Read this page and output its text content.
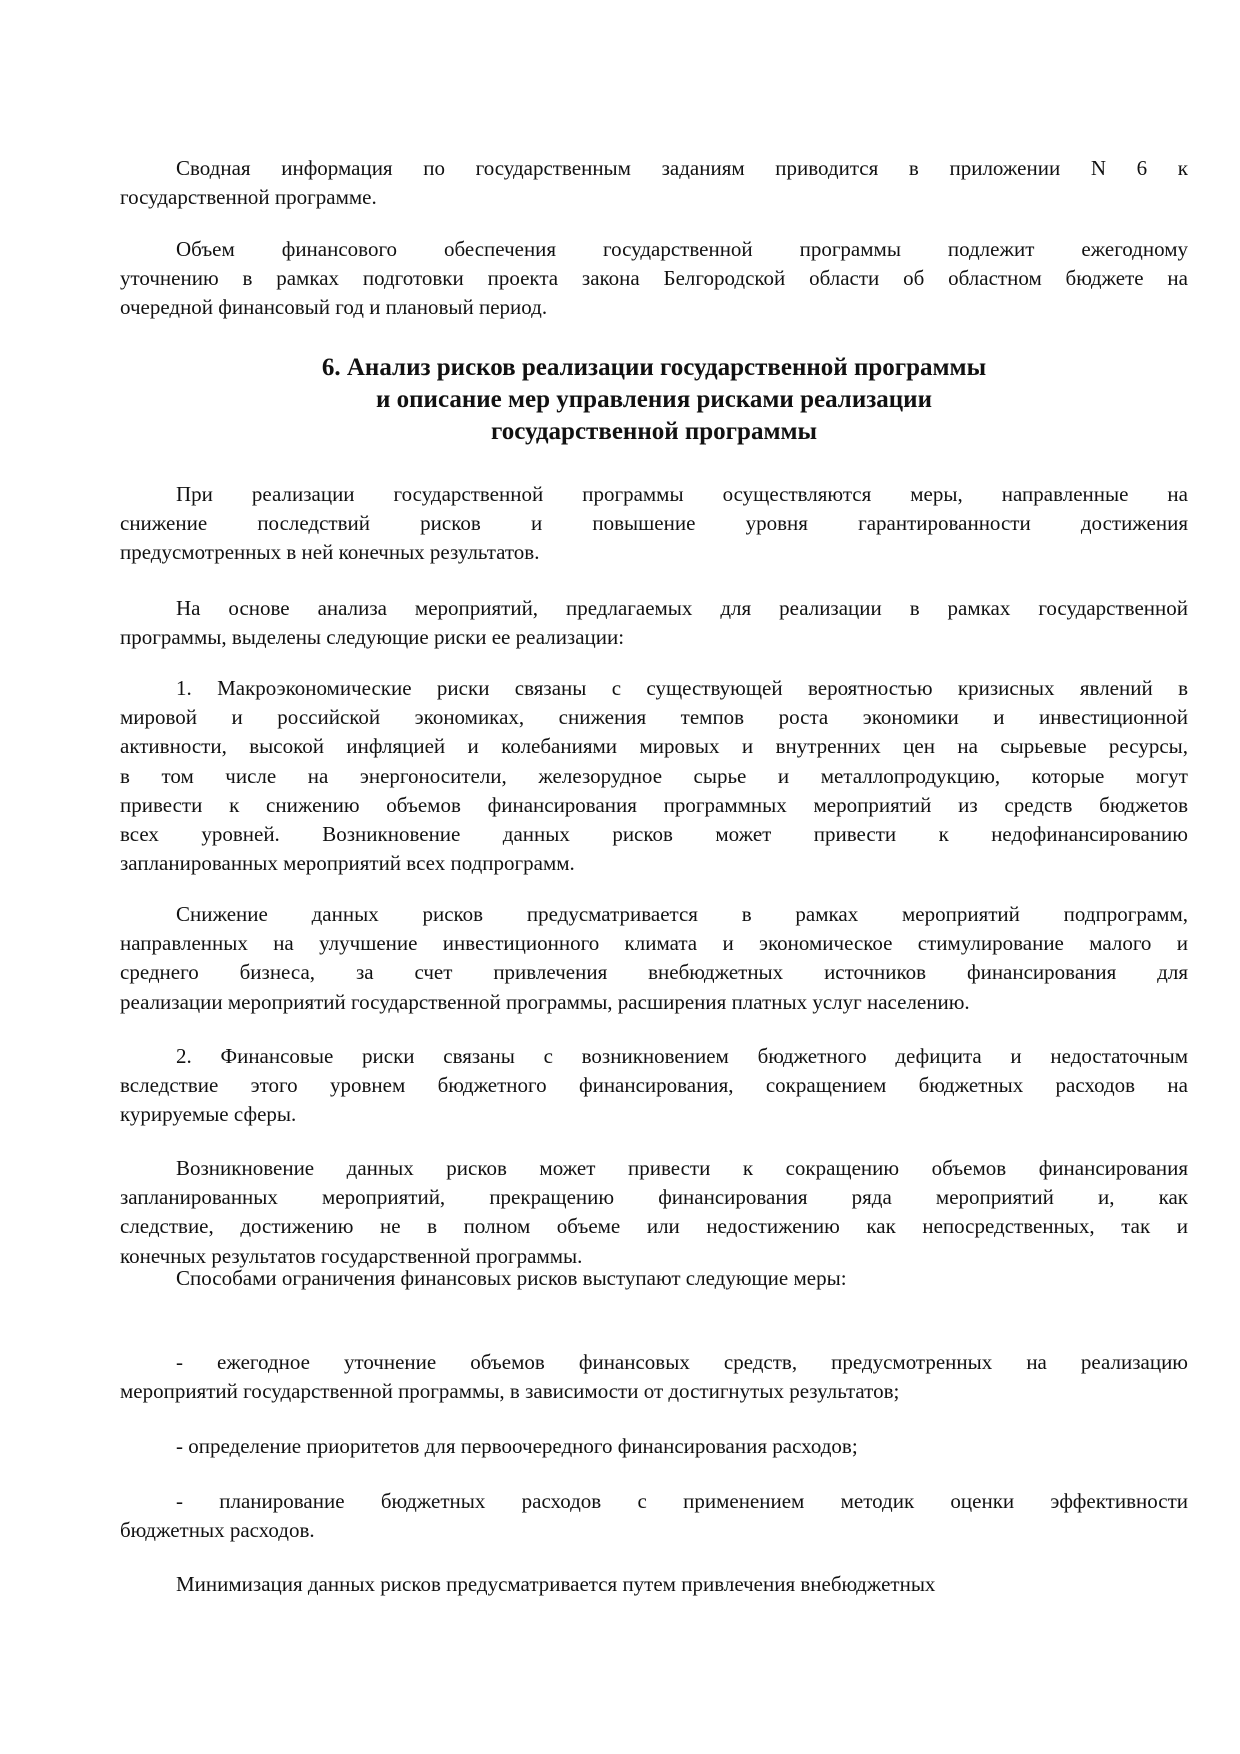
6. Анализ рисков реализации государственной программы
и описание мер управления рисками реализации
государственной программы
Сводная информация по государственным заданиям приводится в приложении N 6 к
государственной программе.
Объем финансового обеспечения государственной программы подлежит ежегодному
уточнению в рамках подготовки проекта закона Белгородской области об областном бюджете на
очередной финансовый год и плановый период.
При реализации государственной программы осуществляются меры, направленные на
снижение последствий рисков и повышение уровня гарантированности достижения
предусмотренных в ней конечных результатов.
На основе анализа мероприятий, предлагаемых для реализации в рамках государственной
программы, выделены следующие риски ее реализации:
1. Макроэкономические риски связаны с существующей вероятностью кризисных явлений в
мировой и российской экономиках, снижения темпов роста экономики и инвестиционной
активности, высокой инфляцией и колебаниями мировых и внутренних цен на сырьевые ресурсы,
в том числе на энергоносители, железорудное сырье и металлопродукцию, которые могут
привести к снижению объемов финансирования программных мероприятий из средств бюджетов
всех уровней. Возникновение данных рисков может привести к недофинансированию
запланированных мероприятий всех подпрограмм.
Снижение данных рисков предусматривается в рамках мероприятий подпрограмм,
направленных на улучшение инвестиционного климата и экономическое стимулирование малого и
среднего бизнеса, за счет привлечения внебюджетных источников финансирования для
реализации мероприятий государственной программы, расширения платных услуг населению.
2. Финансовые риски связаны с возникновением бюджетного дефицита и недостаточным
вследствие этого уровнем бюджетного финансирования, сокращением бюджетных расходов на
курируемые сферы.
Возникновение данных рисков может привести к сокращению объемов финансирования
запланированных мероприятий, прекращению финансирования ряда мероприятий и, как
следствие, достижению не в полном объеме или недостижению как непосредственных, так и
конечных результатов государственной программы.
Способами ограничения финансовых рисков выступают следующие меры:
- ежегодное уточнение объемов финансовых средств, предусмотренных на реализацию
мероприятий государственной программы, в зависимости от достигнутых результатов;
- определение приоритетов для первоочередного финансирования расходов;
- планирование бюджетных расходов с применением методик оценки эффективности
бюджетных расходов.
Минимизация данных рисков предусматривается путем привлечения внебюджетных
